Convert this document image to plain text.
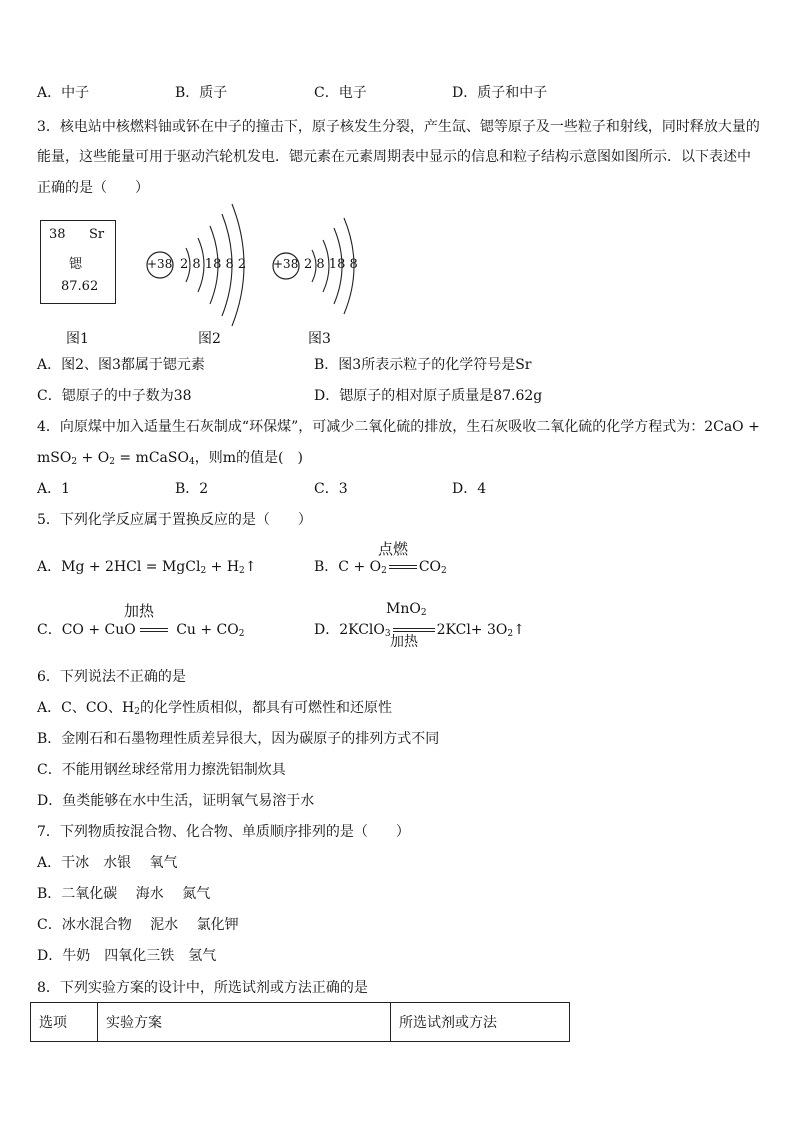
A．中子	B．质子	C．电子	D．质子和中子
3．核电站中核燃料铀或钚在中子的撞击下，原子核发生分裂，产生氙、锶等原子及一些粒子和射线，同时释放大量的
能量，这些能量可用于驱动汽轮机发电．锶元素在元素周期表中显示的信息和粒子结构示意图如图所示．以下表述中
正确的是（　　）
38 Sr
锶
87.62
+38 2 8 18 8 2 +38 2 8 18 8
图1	图2	图3
A．图2、图3都属于锶元素	B．图3所表示粒子的化学符号是Sr
C．锶原子的中子数为38	D．锶原子的相对原子质量是87.62g
4．向原煤中加入适量生石灰制成“环保煤”，可减少二氧化硫的排放，生石灰吸收二氧化硫的化学方程式为：2CaO +
$mSO_2 + O_2$ = mCaSO$_4$，则m的值是(　)
A．1	B．2	C．3	D．4
5．下列化学反应属于置换反应的是（　　）
A．Mg + 2HCl = MgCl$_2$ + $H_2↑$	B．$C + O_2$ $CO_2$
点燃
C．CO + CuO	$Cu + CO_2$
加热
D．2KClO$_3$	$2KCl+ 3O_2↑$
MnO$_2$
加热
6．下列说法不正确的是
A．C、CO、$H_2$的化学性质相似，都具有可燃性和还原性
B．金刚石和石墨物理性质差异很大，因为碳原子的排列方式不同
C．不能用钢丝球经常用力擦洗铝制炊具
D．鱼类能够在水中生活，证明氧气易溶于水
7．下列物质按混合物、化合物、单质顺序排列的是（　　）
A．干冰　水银　 氧气
B．二氧化碳　 海水　 氮气
C．冰水混合物　 泥水　 氯化钾
D．牛奶　四氧化三铁　氢气
8．下列实验方案的设计中，所选试剂或方法正确的是
选项	实验方案	所选试剂或方法
